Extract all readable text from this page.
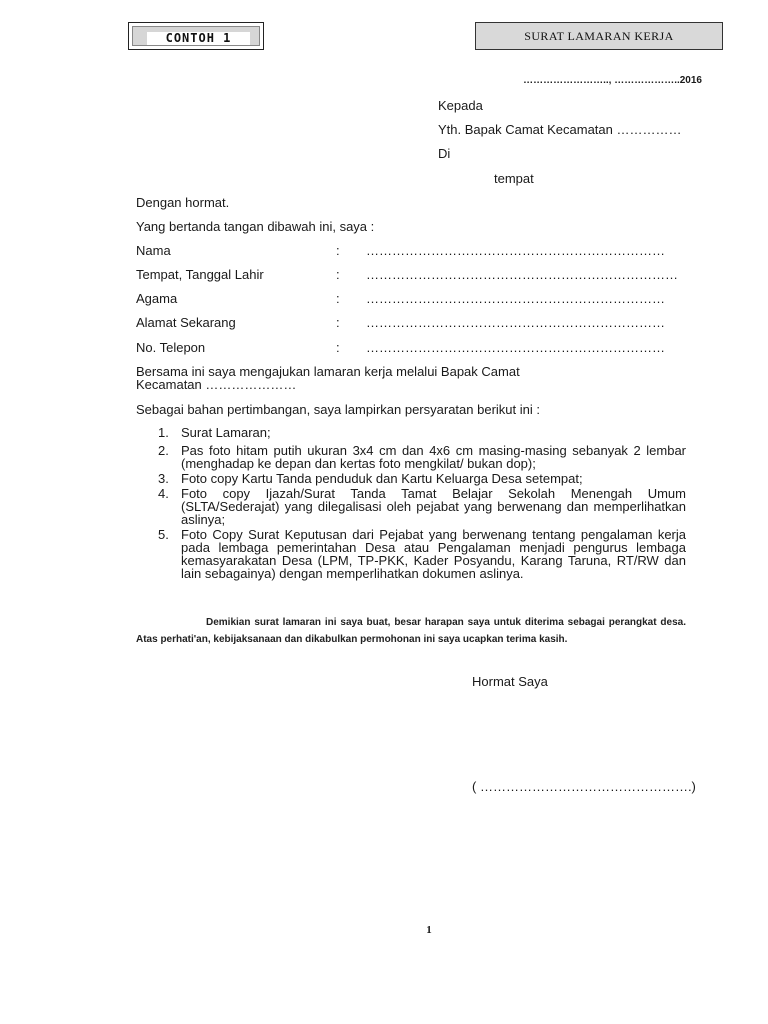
CONTOH 1	SURAT LAMARAN KERJA
…………………….., ………………..2016
Kepada
Yth. Bapak Camat Kecamatan ……………
Di
tempat
Dengan hormat.
Yang bertanda tangan dibawah ini, saya :
Nama	: ……………………………………………………………
Tempat, Tanggal Lahir	: ………………………………………………………………
Agama	: ……………………………………………………………
Alamat Sekarang	: ……………………………………………………………
No. Telepon	: ……………………………………………………………
Bersama ini saya mengajukan lamaran kerja melalui Bapak Camat Kecamatan …………………
Sebagai bahan pertimbangan, saya lampirkan persyaratan berikut ini :
1. Surat Lamaran;
2. Pas foto hitam putih ukuran 3x4 cm dan 4x6 cm masing-masing sebanyak 2 lembar (menghadap ke depan dan kertas foto mengkilat/ bukan dop);
3. Foto copy Kartu Tanda penduduk dan Kartu Keluarga Desa setempat;
4. Foto copy Ijazah/Surat Tanda Tamat Belajar Sekolah Menengah Umum (SLTA/Sederajat) yang dilegalisasi oleh pejabat yang berwenang dan memperlihatkan aslinya;
5. Foto Copy Surat Keputusan dari Pejabat yang berwenang tentang pengalaman kerja pada lembaga pemerintahan Desa atau Pengalaman menjadi pengurus lembaga kemasyarakatan Desa (LPM, TP-PKK, Kader Posyandu, Karang Taruna, RT/RW dan lain sebagainya) dengan memperlihatkan dokumen aslinya.
Demikian surat lamaran ini saya buat, besar harapan saya untuk diterima sebagai perangkat desa. Atas perhati'an, kebijaksanaan dan dikabulkan permohonan ini saya ucapkan terima kasih.
Hormat Saya
( ………………………………………….)
1
